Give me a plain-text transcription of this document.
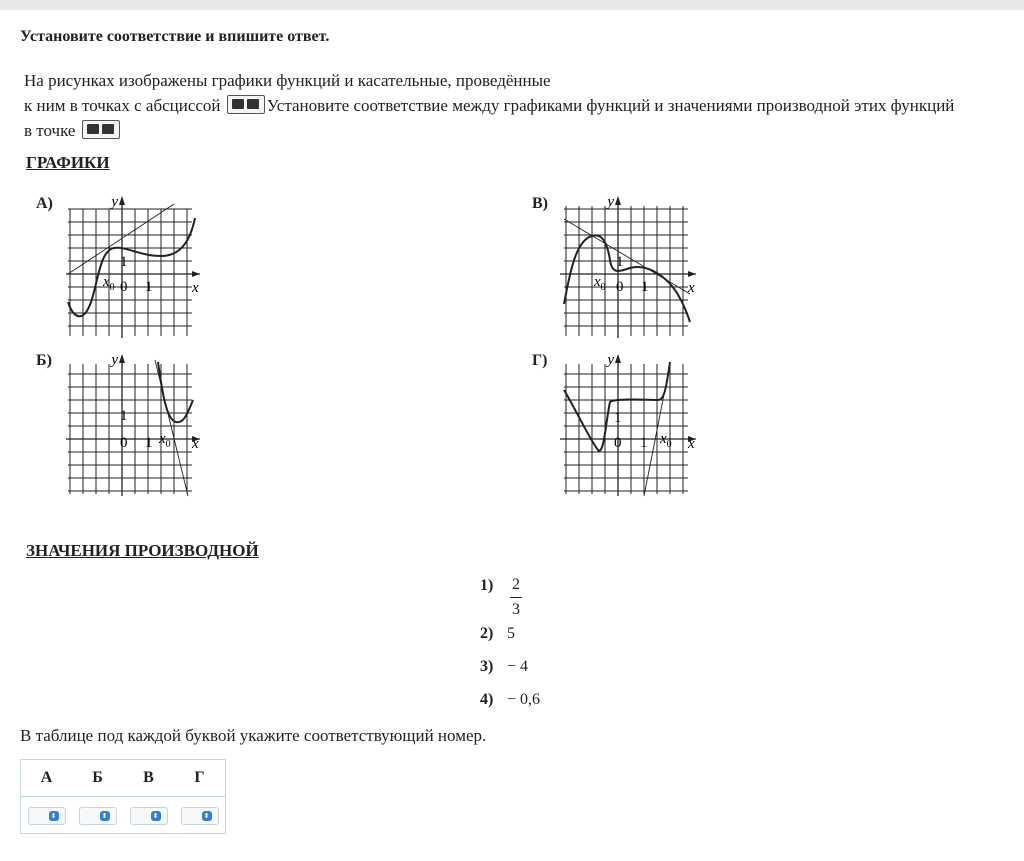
Установите соответствие и впишите ответ.
На рисунках изображены графики функций и касательные, проведённые
к ним в точках с абсциссой	Установите соответствие между графиками функций и значениями производной этих функций
в точке
ГРАФИКИ
А)
Б)
В)
Г)
y
x
1
0 1
$x_0$
y
x
1
0 1 $x_0$
y
x
1
0 1
$x_0$
y
x
1
0 1 $x_0$
ЗНАЧЕНИЯ ПРОИЗВОДНОЙ
1)	2
3
2) 5
3) − 4
4) − 0,6
В таблице под каждой буквой укажите соответствующий номер.
А	Б	В	Г
⬍	⬍	⬍	⬍
